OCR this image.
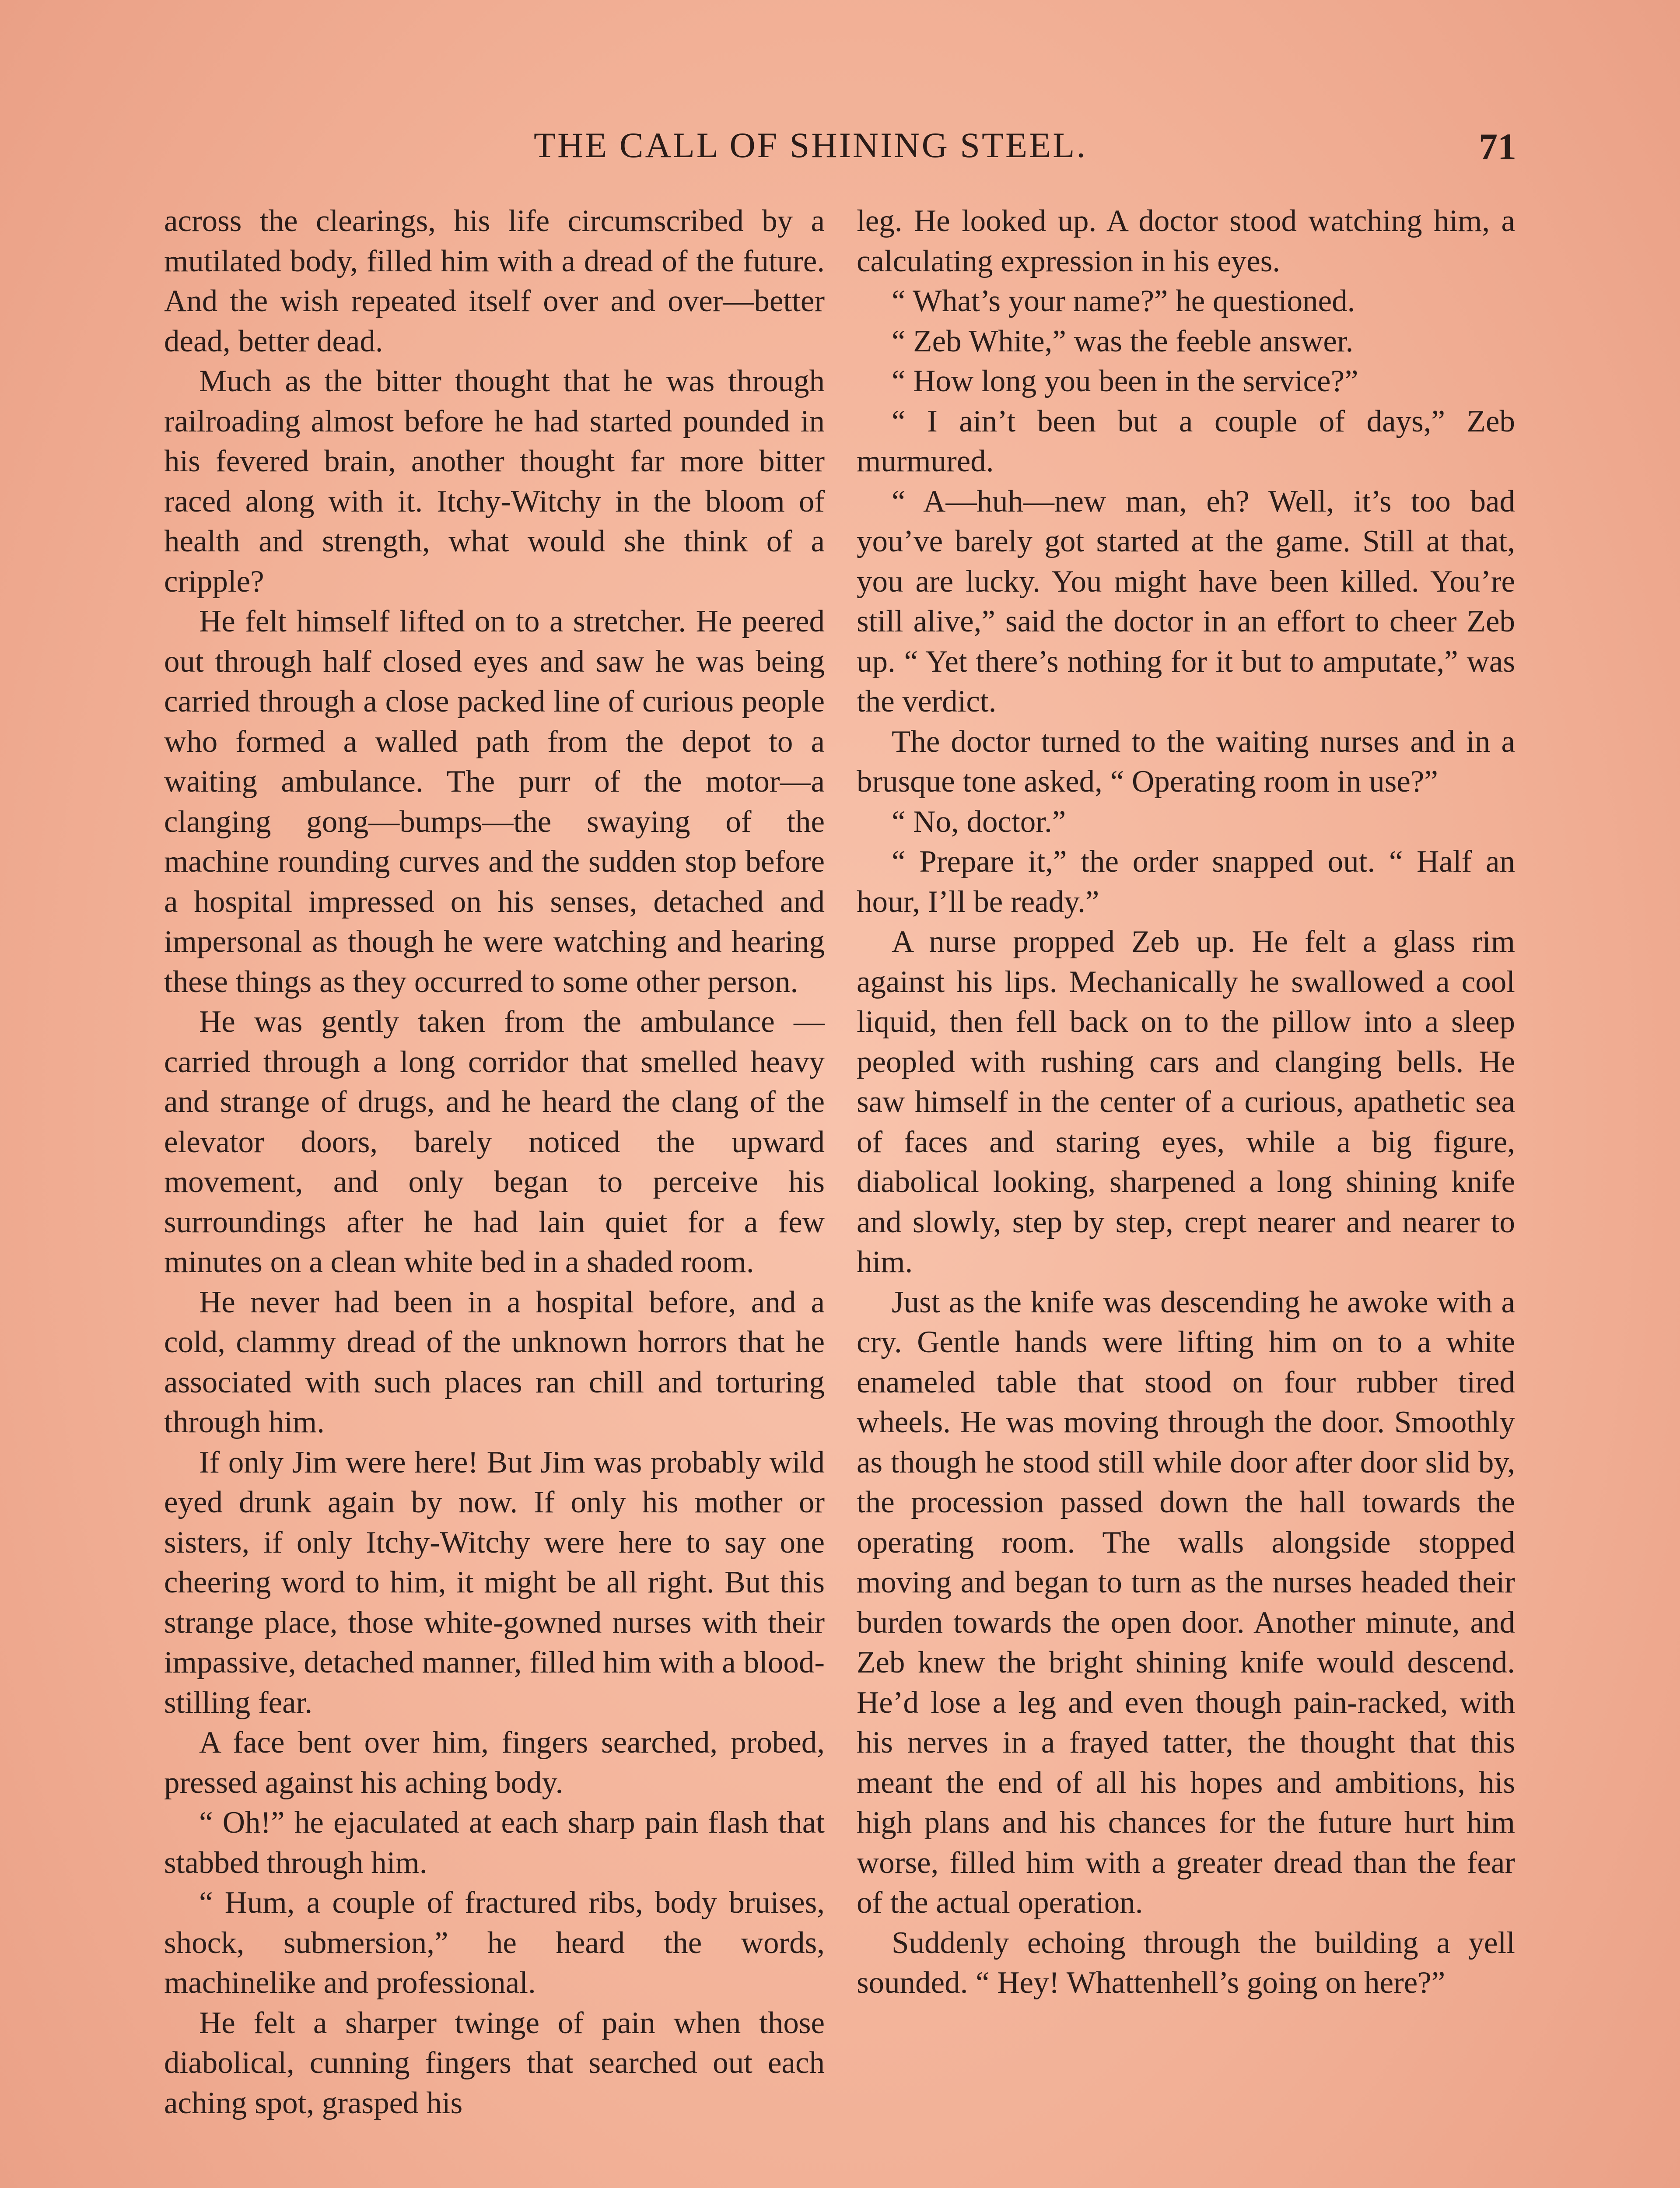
THE CALL OF SHINING STEEL.	71

across the clearings, his life circumscribed by a mutilated body, filled him with a dread of the future. And the wish repeated itself over and over—better dead, better dead.

Much as the bitter thought that he was through railroading almost before he had started pounded in his fevered brain, another thought far more bitter raced along with it. Itchy-Witchy in the bloom of health and strength, what would she think of a cripple?

He felt himself lifted on to a stretcher. He peered out through half closed eyes and saw he was being carried through a close packed line of curious people who formed a walled path from the depot to a waiting ambulance. The purr of the motor—a clanging gong—bumps—the swaying of the machine rounding curves and the sudden stop before a hospital impressed on his senses, detached and impersonal as though he were watching and hearing these things as they occurred to some other person.

He was gently taken from the ambulance —carried through a long corridor that smelled heavy and strange of drugs, and he heard the clang of the elevator doors, barely noticed the upward movement, and only began to perceive his surroundings after he had lain quiet for a few minutes on a clean white bed in a shaded room.

He never had been in a hospital before, and a cold, clammy dread of the unknown horrors that he associated with such places ran chill and torturing through him.

If only Jim were here! But Jim was probably wild eyed drunk again by now. If only his mother or sisters, if only Itchy-Witchy were here to say one cheering word to him, it might be all right. But this strange place, those white-gowned nurses with their impassive, detached manner, filled him with a blood-stilling fear.

A face bent over him, fingers searched, probed, pressed against his aching body.

“ Oh!” he ejaculated at each sharp pain flash that stabbed through him.

“ Hum, a couple of fractured ribs, body bruises, shock, submersion,” he heard the words, machinelike and professional.

He felt a sharper twinge of pain when those diabolical, cunning fingers that searched out each aching spot, grasped his

leg. He looked up. A doctor stood watching him, a calculating expression in his eyes.

“ What’s your name?” he questioned.

“ Zeb White,” was the feeble answer.

“ How long you been in the service?”

“ I ain’t been but a couple of days,” Zeb murmured.

“ A—huh—new man, eh? Well, it’s too bad you’ve barely got started at the game. Still at that, you are lucky. You might have been killed. You’re still alive,” said the doctor in an effort to cheer Zeb up. “ Yet there’s nothing for it but to amputate,” was the verdict.

The doctor turned to the waiting nurses and in a brusque tone asked, “ Operating room in use?”

“ No, doctor.”

“ Prepare it,” the order snapped out. “ Half an hour, I’ll be ready.”

A nurse propped Zeb up. He felt a glass rim against his lips. Mechanically he swallowed a cool liquid, then fell back on to the pillow into a sleep peopled with rushing cars and clanging bells. He saw himself in the center of a curious, apathetic sea of faces and staring eyes, while a big figure, diabolical looking, sharpened a long shining knife and slowly, step by step, crept nearer and nearer to him.

Just as the knife was descending he awoke with a cry. Gentle hands were lifting him on to a white enameled table that stood on four rubber tired wheels. He was moving through the door. Smoothly as though he stood still while door after door slid by, the procession passed down the hall towards the operating room. The walls alongside stopped moving and began to turn as the nurses headed their burden towards the open door. Another minute, and Zeb knew the bright shining knife would descend. He’d lose a leg and even though pain-racked, with his nerves in a frayed tatter, the thought that this meant the end of all his hopes and ambitions, his high plans and his chances for the future hurt him worse, filled him with a greater dread than the fear of the actual operation.

Suddenly echoing through the building a yell sounded. “ Hey! Whattenhell’s going on here?”
